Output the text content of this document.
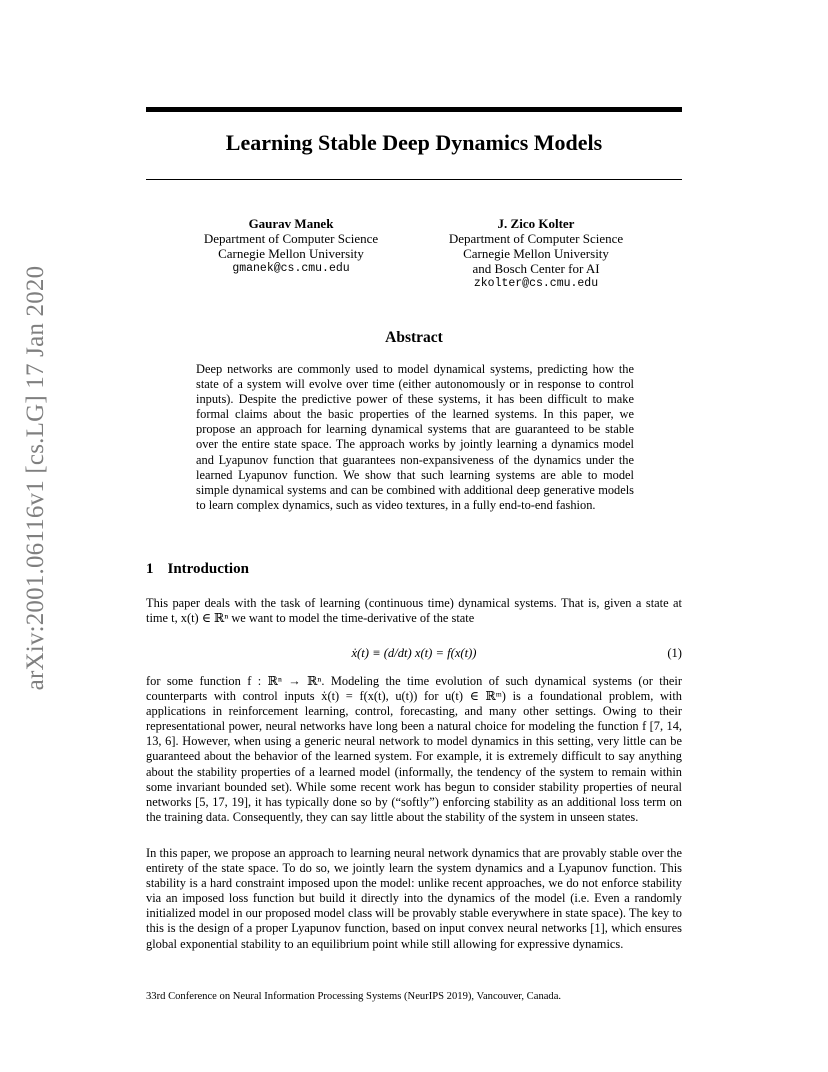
arXiv:2001.06116v1 [cs.LG] 17 Jan 2020
Learning Stable Deep Dynamics Models
Gaurav Manek
Department of Computer Science
Carnegie Mellon University
gmanek@cs.cmu.edu
J. Zico Kolter
Department of Computer Science
Carnegie Mellon University
and Bosch Center for AI
zkolter@cs.cmu.edu
Abstract

Deep networks are commonly used to model dynamical systems, predicting how the state of a system will evolve over time (either autonomously or in response to control inputs). Despite the predictive power of these systems, it has been difficult to make formal claims about the basic properties of the learned systems. In this paper, we propose an approach for learning dynamical systems that are guaranteed to be stable over the entire state space. The approach works by jointly learning a dynamics model and Lyapunov function that guarantees non-expansiveness of the dynamics under the learned Lyapunov function. We show that such learning systems are able to model simple dynamical systems and can be combined with additional deep generative models to learn complex dynamics, such as video textures, in a fully end-to-end fashion.

1 Introduction

This paper deals with the task of learning (continuous time) dynamical systems. That is, given a state at time t, x(t) ∈ ℝⁿ we want to model the time-derivative of the state

ẋ(t) ≡ (d/dt) x(t) = f(x(t))	(1)

for some function f : ℝⁿ → ℝⁿ. Modeling the time evolution of such dynamical systems (or their counterparts with control inputs ẋ(t) = f(x(t), u(t)) for u(t) ∈ ℝᵐ) is a foundational problem, with applications in reinforcement learning, control, forecasting, and many other settings. Owing to their representational power, neural networks have long been a natural choice for modeling the function f [7, 14, 13, 6]. However, when using a generic neural network to model dynamics in this setting, very little can be guaranteed about the behavior of the learned system. For example, it is extremely difficult to say anything about the stability properties of a learned model (informally, the tendency of the system to remain within some invariant bounded set). While some recent work has begun to consider stability properties of neural networks [5, 17, 19], it has typically done so by (“softly”) enforcing stability as an additional loss term on the training data. Consequently, they can say little about the stability of the system in unseen states.

In this paper, we propose an approach to learning neural network dynamics that are provably stable over the entirety of the state space. To do so, we jointly learn the system dynamics and a Lyapunov function. This stability is a hard constraint imposed upon the model: unlike recent approaches, we do not enforce stability via an imposed loss function but build it directly into the dynamics of the model (i.e. Even a randomly initialized model in our proposed model class will be provably stable everywhere in state space). The key to this is the design of a proper Lyapunov function, based on input convex neural networks [1], which ensures global exponential stability to an equilibrium point while still allowing for expressive dynamics.

33rd Conference on Neural Information Processing Systems (NeurIPS 2019), Vancouver, Canada.
